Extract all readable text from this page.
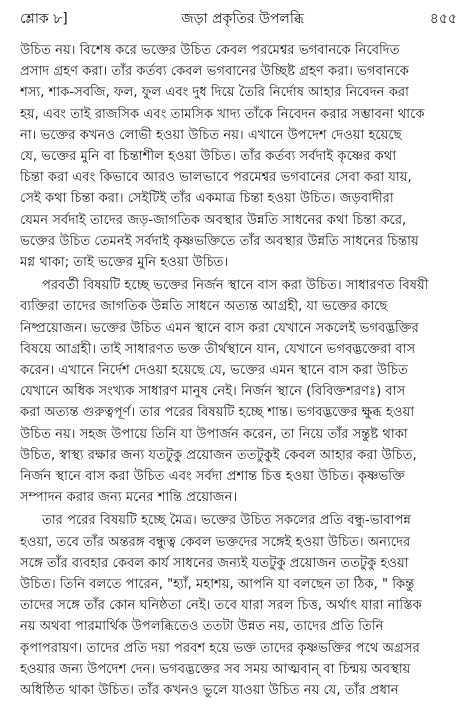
শ্লোক ৮]	জড়া প্রকৃতির উপলব্ধি	৪৫৫

উচিত নয়। বিশেষ করে ভক্তের উচিত কেবল পরমেশ্বর ভগবানকে নিবেদিত
প্রসাদ গ্রহণ করা। তাঁর কর্তব্য কেবল ভগবানের উচ্ছিষ্ট গ্রহণ করা। ভগবানকে
শস্য, শাক-সবজি, ফল, ফুল এবং দুধ দিয়ে তৈরি নির্দোষ আহার নিবেদন করা
হয়, এবং তাই রাজসিক এবং তামসিক খাদ্য তাঁকে নিবেদন করার সম্ভাবনা থাকে
না। ভক্তের কখনও লোভী হওয়া উচিত নয়। এখানে উপদেশ দেওয়া হয়েছে
যে, ভক্তের মুনি বা চিন্তাশীল হওয়া উচিত। তাঁর কর্তব্য সর্বদাই কৃষ্ণের কথা
চিন্তা করা এবং কিভাবে আরও ভালভাবে পরমেশ্বর ভগবানের সেবা করা যায়,
সেই কথা চিন্তা করা। সেইটিই তাঁর একমাত্র চিন্তা হওয়া উচিত। জড়বাদীরা
যেমন সর্বদাই তাদের জড়-জাগতিক অবস্থার উন্নতি সাধনের কথা চিন্তা করে,
ভক্তের উচিত তেমনই সর্বদাই কৃষ্ণভক্তিতে তাঁর অবস্থার উন্নতি সাধনের চিন্তায়
মগ্ন থাকা; তাই ভক্তের মুনি হওয়া উচিত।

পরবর্তী বিষয়টি হচ্ছে ভক্তের নির্জন স্থানে বাস করা উচিত। সাধারণত বিষয়ী
ব্যক্তিরা তাদের জাগতিক উন্নতি সাধনে অত্যন্ত আগ্রহী, যা ভক্তের কাছে
নিষ্প্রয়োজন। ভক্তের উচিত এমন স্থানে বাস করা যেখানে সকলেই ভগবদ্ভক্তির
বিষয়ে আগ্রহী। তাই সাধারণত ভক্ত তীর্থস্থানে যান, যেখানে ভগবদ্ভক্তেরা বাস
করেন। এখানে নির্দেশ দেওয়া হয়েছে যে, ভক্তের এমন স্থানে বাস করা উচিত
যেখানে অধিক সংখ্যক সাধারণ মানুষ নেই। নির্জন স্থানে (বিবিক্তশরণঃ) বাস
করা অত্যন্ত গুরুত্বপূর্ণ। তার পরের বিষয়টি হচ্ছে শান্ত। ভগবদ্ভক্তের ক্ষুব্ধ হওয়া
উচিত নয়। সহজ উপায়ে তিনি যা উপার্জন করেন, তা নিয়ে তাঁর সন্তুষ্ট থাকা
উচিত, স্বাস্থ্য রক্ষার জন্য যতটুকু প্রয়োজন ততটুকুই কেবল আহার করা উচিত,
নির্জন স্থানে বাস করা উচিত এবং সর্বদা প্রশান্ত চিত্ত হওয়া উচিত। কৃষ্ণভক্তি
সম্পাদন করার জন্য মনের শান্তি প্রয়োজন।

তার পরের বিষয়টি হচ্ছে মৈত্র। ভক্তের উচিত সকলের প্রতি বন্ধু-ভাবাপন্ন
হওয়া, তবে তাঁর অন্তরঙ্গ বন্ধুত্ব কেবল ভক্তদের সঙ্গেই হওয়া উচিত। অন্যদের
সঙ্গে তাঁর ব্যবহার কেবল কার্য সাধনের জন্যই যতটুকু প্রয়োজন ততটুকু হওয়া
উচিত। তিনি বলতে পারেন, "হ্যাঁ, মহাশয়, আপনি যা বলছেন তা ঠিক, " কিন্তু
তাদের সঙ্গে তাঁর কোন ঘনিষ্ঠতা নেই। তবে যারা সরল চিত্ত, অর্থাৎ যারা নাস্তিক
নয় অথবা পারমার্থিক উপলব্ধিতেও ততটা উন্নত নয়, তাদের প্রতি তিনি
কৃপাপরায়ণ। তাদের প্রতি দয়া পরবশ হয়ে ভক্ত তাদের কৃষ্ণভক্তির পথে অগ্রসর
হওয়ার জন্য উপদেশ দেন। ভগবদ্ভক্তের সব সময় আত্মবান্ বা চিন্ময় অবস্থায়
অধিষ্ঠিত থাকা উচিত। তাঁর কখনও ভুলে যাওয়া উচিত নয় যে, তাঁর প্রধান
